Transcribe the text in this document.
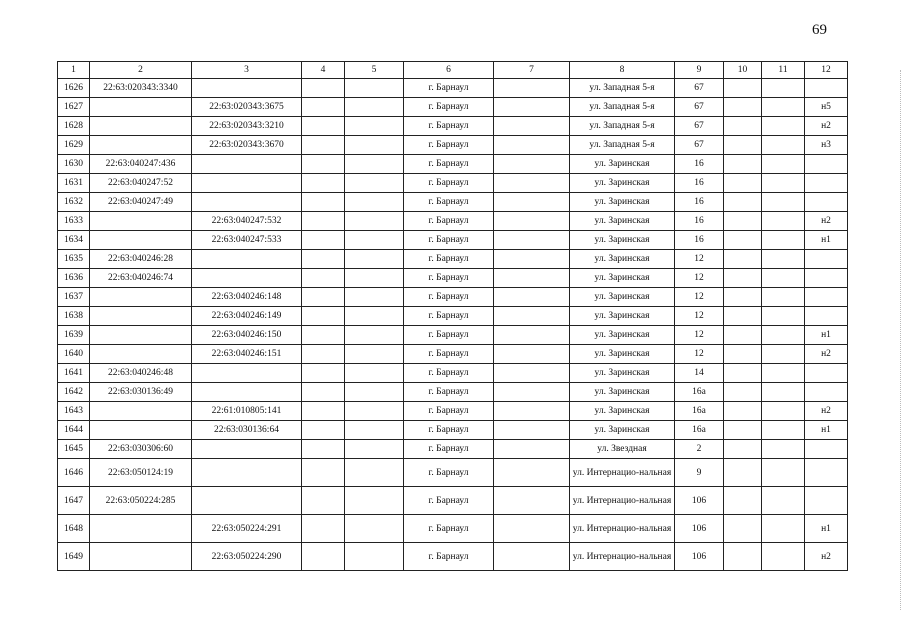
69
1	2	3	4	5	6	7	8	9	10	11	12
1626	22:63:020343:3340				г. Барнаул		ул. Западная 5-я	67			
1627		22:63:020343:3675			г. Барнаул		ул. Западная 5-я	67			н5
1628		22:63:020343:3210			г. Барнаул		ул. Западная 5-я	67			н2
1629		22:63:020343:3670			г. Барнаул		ул. Западная 5-я	67			н3
1630	22:63:040247:436				г. Барнаул		ул. Заринская	16			
1631	22:63:040247:52				г. Барнаул		ул. Заринская	16			
1632	22:63:040247:49				г. Барнаул		ул. Заринская	16			
1633		22:63:040247:532			г. Барнаул		ул. Заринская	16			н2
1634		22:63:040247:533			г. Барнаул		ул. Заринская	16			н1
1635	22:63:040246:28				г. Барнаул		ул. Заринская	12			
1636	22:63:040246:74				г. Барнаул		ул. Заринская	12			
1637		22:63:040246:148			г. Барнаул		ул. Заринская	12			
1638		22:63:040246:149			г. Барнаул		ул. Заринская	12			
1639		22:63:040246:150			г. Барнаул		ул. Заринская	12			н1
1640		22:63:040246:151			г. Барнаул		ул. Заринская	12			н2
1641	22:63:040246:48				г. Барнаул		ул. Заринская	14			
1642	22:63:030136:49				г. Барнаул		ул. Заринская	16а			
1643		22:61:010805:141			г. Барнаул		ул. Заринская	16а			н2
1644		22:63:030136:64			г. Барнаул		ул. Заринская	16а			н1
1645	22:63:030306:60				г. Барнаул		ул. Звездная	2			
1646	22:63:050124:19				г. Барнаул		ул. Интернацио-нальная	9			
1647	22:63:050224:285				г. Барнаул		ул. Интернацио-нальная	106			
1648		22:63:050224:291			г. Барнаул		ул. Интернацио-нальная	106			н1
1649		22:63:050224:290			г. Барнаул		ул. Интернацио-нальная	106			н2
